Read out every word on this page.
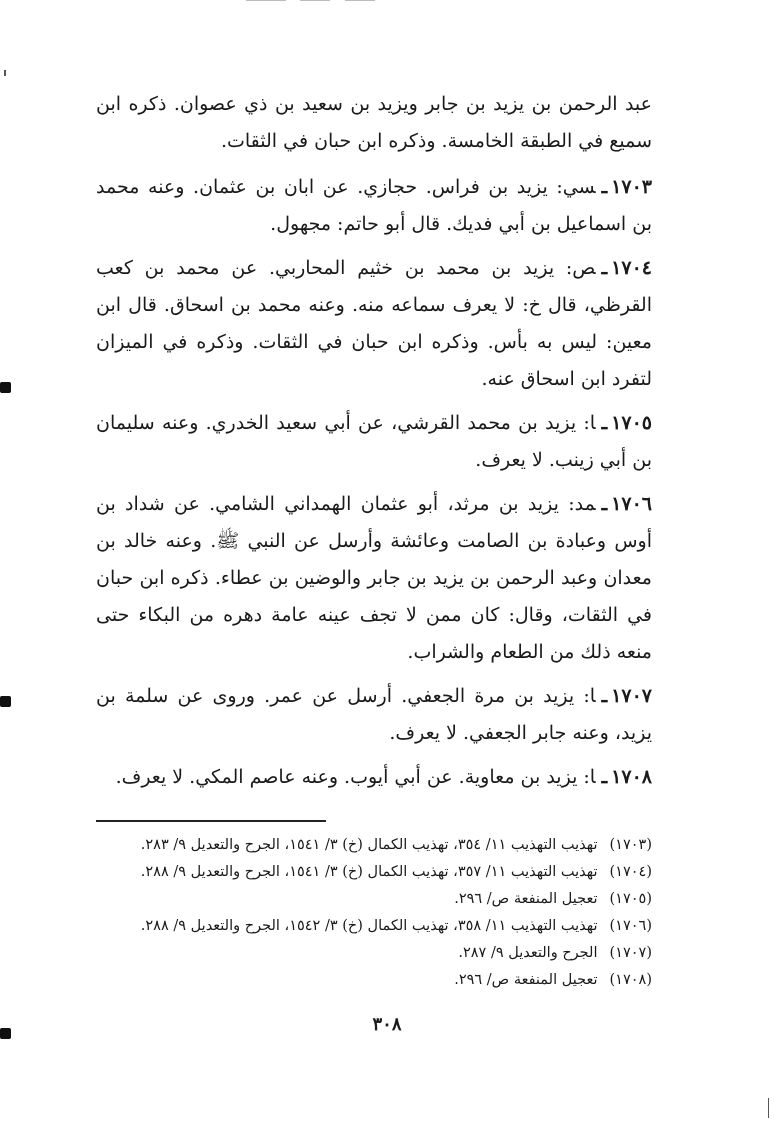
عبد الرحمن بن يزيد بن جابر ويزيد بن سعيد بن ذي عصوان. ذكره ابن سميع في الطبقة الخامسة. وذكره ابن حبان في الثقات.

١٧٠٣ـسي: يزيد بن فراس. حجازي. عن ابان بن عثمان. وعنه محمد بن اسماعيل بن أبي فديك. قال أبو حاتم: مجهول.

١٧٠٤ـص: يزيد بن محمد بن خثيم المحاربي. عن محمد بن كعب القرظي، قال خ: لا يعرف سماعه منه. وعنه محمد بن اسحاق. قال ابن معين: ليس به بأس. وذكره ابن حبان في الثقات. وذكره في الميزان لتفرد ابن اسحاق عنه.

١٧٠٥ـا: يزيد بن محمد القرشي، عن أبي سعيد الخدري. وعنه سليمان بن أبي زينب. لا يعرف.

١٧٠٦ـمد: يزيد بن مرثد، أبو عثمان الهمداني الشامي. عن شداد بن أوس وعبادة بن الصامت وعائشة وأرسل عن النبي ﷺ. وعنه خالد بن معدان وعبد الرحمن بن يزيد بن جابر والوضين بن عطاء. ذكره ابن حبان في الثقات، وقال: كان ممن لا تجف عينه عامة دهره من البكاء حتى منعه ذلك من الطعام والشراب.

١٧٠٧ـا: يزيد بن مرة الجعفي. أرسل عن عمر. وروى عن سلمة بن يزيد، وعنه جابر الجعفي. لا يعرف.

١٧٠٨ـا: يزيد بن معاوية. عن أبي أيوب. وعنه عاصم المكي. لا يعرف.

(١٧٠٣)
تهذيب التهذيب ١١/ ٣٥٤، تهذيب الكمال (خ) ٣/ ١٥٤١، الجرح والتعديل ٩/ ٢٨٣.
(١٧٠٤)
تهذيب التهذيب ١١/ ٣٥٧، تهذيب الكمال (خ) ٣/ ١٥٤١، الجرح والتعديل ٩/ ٢٨٨.
(١٧٠٥)
تعجيل المنفعة ص/ ٢٩٦.
(١٧٠٦)
تهذيب التهذيب ١١/ ٣٥٨، تهذيب الكمال (خ) ٣/ ١٥٤٢، الجرح والتعديل ٩/ ٢٨٨.
(١٧٠٧)
الجرح والتعديل ٩/ ٢٨٧.
(١٧٠٨)
تعجيل المنفعة ص/ ٢٩٦.
٣٠٨
